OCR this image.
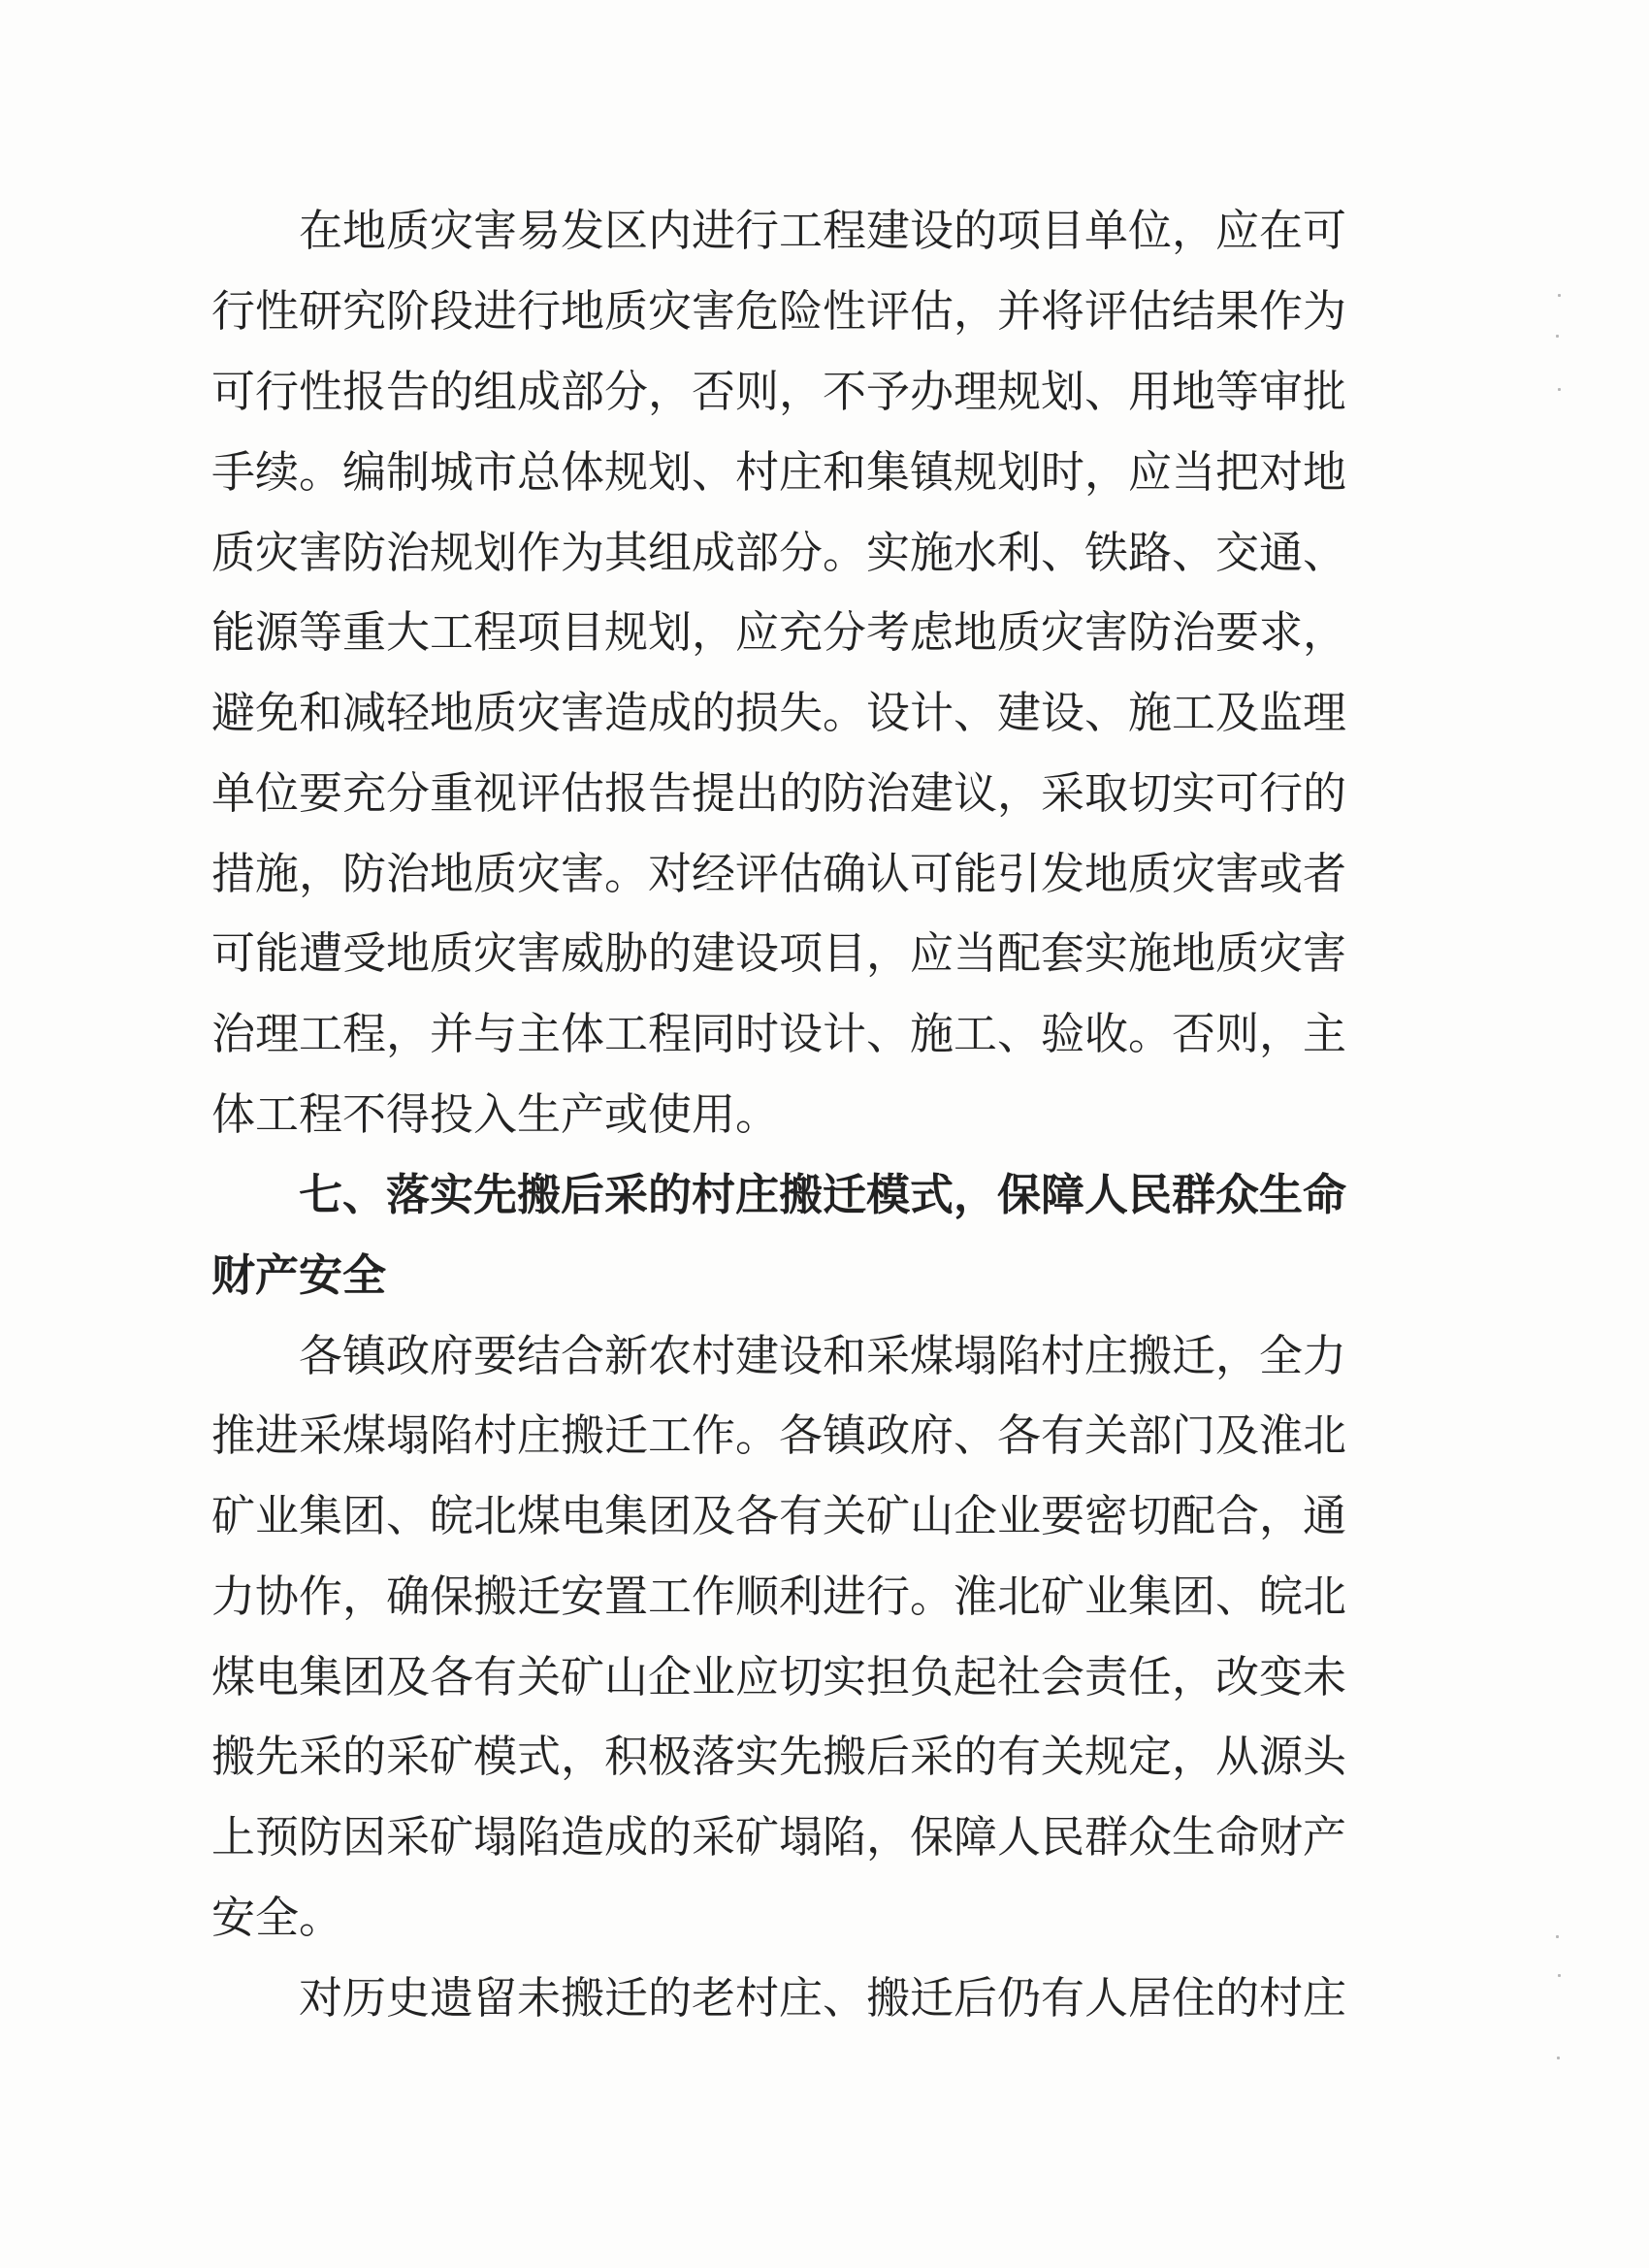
在地质灾害易发区内进行工程建设的项目单位，应在可
行性研究阶段进行地质灾害危险性评估，并将评估结果作为
可行性报告的组成部分，否则，不予办理规划、用地等审批
手续。编制城市总体规划、村庄和集镇规划时，应当把对地
质灾害防治规划作为其组成部分。实施水利、铁路、交通、
能源等重大工程项目规划，应充分考虑地质灾害防治要求，
避免和减轻地质灾害造成的损失。设计、建设、施工及监理
单位要充分重视评估报告提出的防治建议，采取切实可行的
措施，防治地质灾害。对经评估确认可能引发地质灾害或者
可能遭受地质灾害威胁的建设项目，应当配套实施地质灾害
治理工程，并与主体工程同时设计、施工、验收。否则，主
体工程不得投入生产或使用。
七、落实先搬后采的村庄搬迁模式，保障人民群众生命
财产安全
各镇政府要结合新农村建设和采煤塌陷村庄搬迁，全力
推进采煤塌陷村庄搬迁工作。各镇政府、各有关部门及淮北
矿业集团、皖北煤电集团及各有关矿山企业要密切配合，通
力协作，确保搬迁安置工作顺利进行。淮北矿业集团、皖北
煤电集团及各有关矿山企业应切实担负起社会责任，改变未
搬先采的采矿模式，积极落实先搬后采的有关规定，从源头
上预防因采矿塌陷造成的采矿塌陷，保障人民群众生命财产
安全。
对历史遗留未搬迁的老村庄、搬迁后仍有人居住的村庄
